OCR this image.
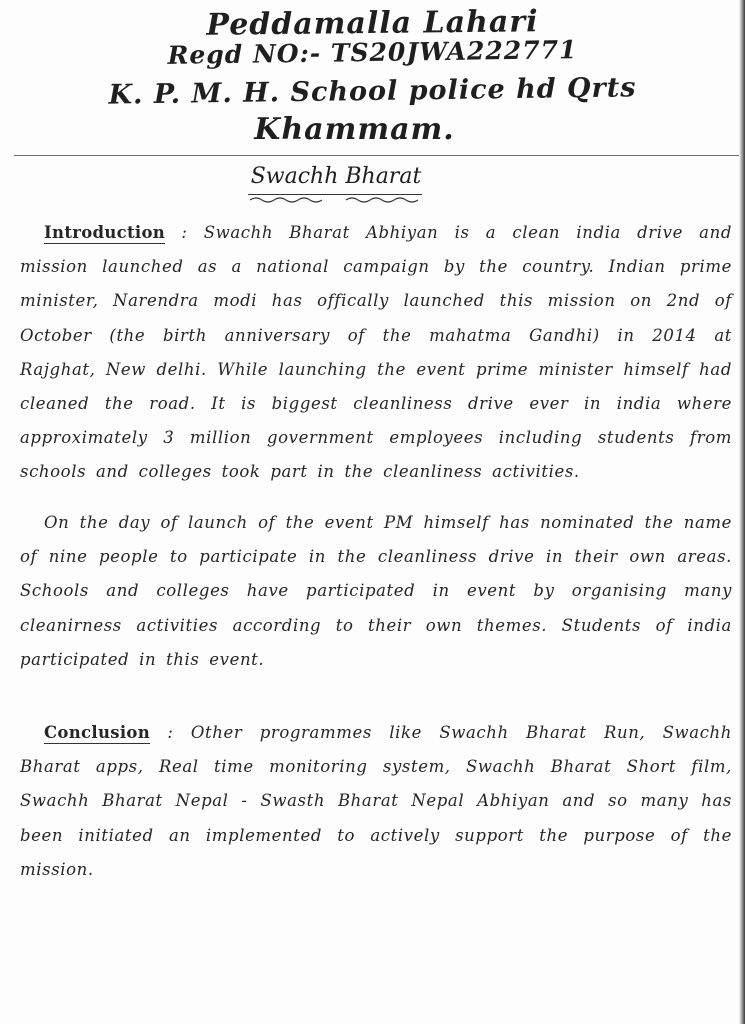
Peddamalla Lahari
Regd NO:- TS20JWA222771
K. P. M. H. School police hd Qrts
Khammam.
Swachh Bharat
Introduction : Swachh Bharat Abhiyan is a clean india drive and mission launched as a national campaign by the country. Indian prime minister, Narendra modi has offically launched this mission on 2nd of October (the birth anniversary of the mahatma Gandhi) in 2014 at Rajghat, New delhi. While launching the event prime minister himself had cleaned the road. It is biggest cleanliness drive ever in india where approximately 3 million government employees including students from schools and colleges took part in the cleanliness activities.
On the day of launch of the event PM himself has nominated the name of nine people to participate in the cleanliness drive in their own areas. Schools and colleges have participated in event by organising many cleanirness activities according to their own themes. Students of india participated in this event.
Conclusion : Other programmes like Swachh Bharat Run, Swachh Bharat apps, Real time monitoring system, Swachh Bharat Short film, Swachh Bharat Nepal - Swasth Bharat Nepal Abhiyan and so many has been initiated an implemented to actively support the purpose of the mission.
